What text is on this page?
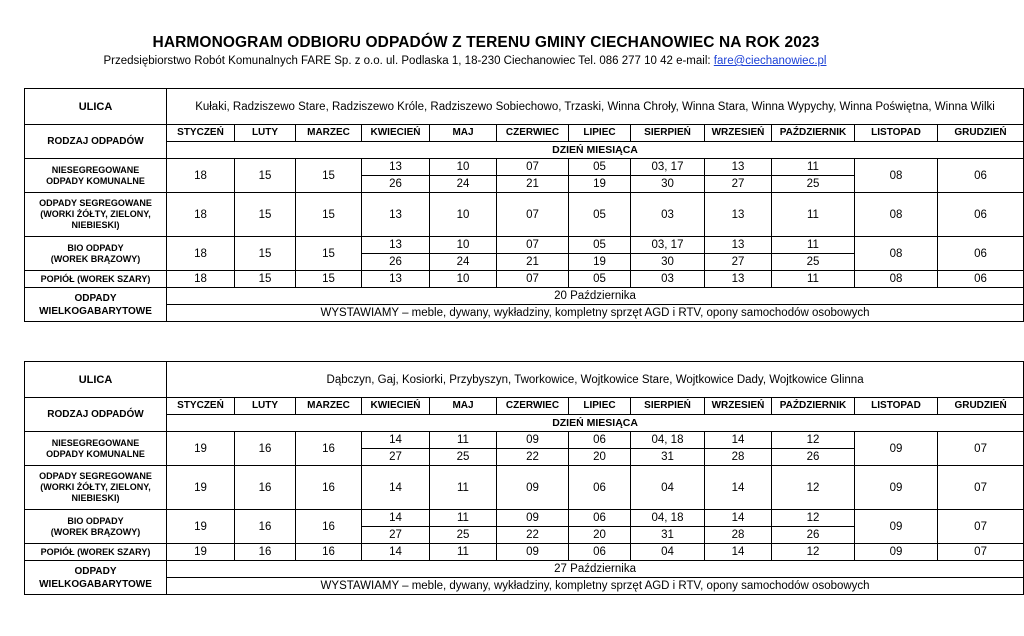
HARMONOGRAM ODBIORU ODPADÓW Z TERENU GMINY CIECHANOWIEC NA ROK 2023
Przedsiębiorstwo Robót Komunalnych FARE Sp. z o.o. ul. Podlaska 1, 18-230 Ciechanowiec Tel. 086 277 10 42 e-mail: fare@ciechanowiec.pl
ULICA	Kułaki, Radziszewo Stare, Radziszewo Króle, Radziszewo Sobiechowo, Trzaski, Winna Chroły, Winna Stara, Winna Wypychy, Winna Poświętna, Winna Wilki											
RODZAJ ODPADÓW	STYCZEŃ	LUTY	MARZEC	KWIECIEŃ	MAJ	CZERWIEC	LIPIEC	SIERPIEŃ	WRZESIEŃ	PAŹDZIERNIK	LISTOPAD	GRUDZIEŃ
	DZIEŃ MIESIĄCA											
NIESEGREGOWANE
ODPADY KOMUNALNE	18	15	15	13	10	07	05	03, 17	13	11	08	06
				26	24	21	19	30	27	25		
ODPADY SEGREGOWANE
(WORKI ŻÓŁTY, ZIELONY,
NIEBIESKI)	18	15	15	13	10	07	05	03	13	11	08	06
BIO ODPADY
(WOREK BRĄZOWY)	18	15	15	13	10	07	05	03, 17	13	11	08	06
				26	24	21	19	30	27	25		
POPIÓŁ (WOREK SZARY)	18	15	15	13	10	07	05	03	13	11	08	06
ODPADY
WIELKOGABARYTOWE	20 Października											
	WYSTAWIAMY – meble, dywany, wykładziny, kompletny sprzęt AGD i RTV, opony samochodów osobowych											
ULICA	Dąbczyn, Gaj, Kosiorki, Przybyszyn, Tworkowice, Wojtkowice Stare, Wojtkowice Dady, Wojtkowice Glinna											
RODZAJ ODPADÓW	STYCZEŃ	LUTY	MARZEC	KWIECIEŃ	MAJ	CZERWIEC	LIPIEC	SIERPIEŃ	WRZESIEŃ	PAŹDZIERNIK	LISTOPAD	GRUDZIEŃ
	DZIEŃ MIESIĄCA											
NIESEGREGOWANE
ODPADY KOMUNALNE	19	16	16	14	11	09	06	04, 18	14	12	09	07
				27	25	22	20	31	28	26		
ODPADY SEGREGOWANE
(WORKI ŻÓŁTY, ZIELONY,
NIEBIESKI)	19	16	16	14	11	09	06	04	14	12	09	07
BIO ODPADY
(WOREK BRĄZOWY)	19	16	16	14	11	09	06	04, 18	14	12	09	07
				27	25	22	20	31	28	26		
POPIÓŁ (WOREK SZARY)	19	16	16	14	11	09	06	04	14	12	09	07
ODPADY
WIELKOGABARYTOWE	27 Października											
	WYSTAWIAMY – meble, dywany, wykładziny, kompletny sprzęt AGD i RTV, opony samochodów osobowych											
